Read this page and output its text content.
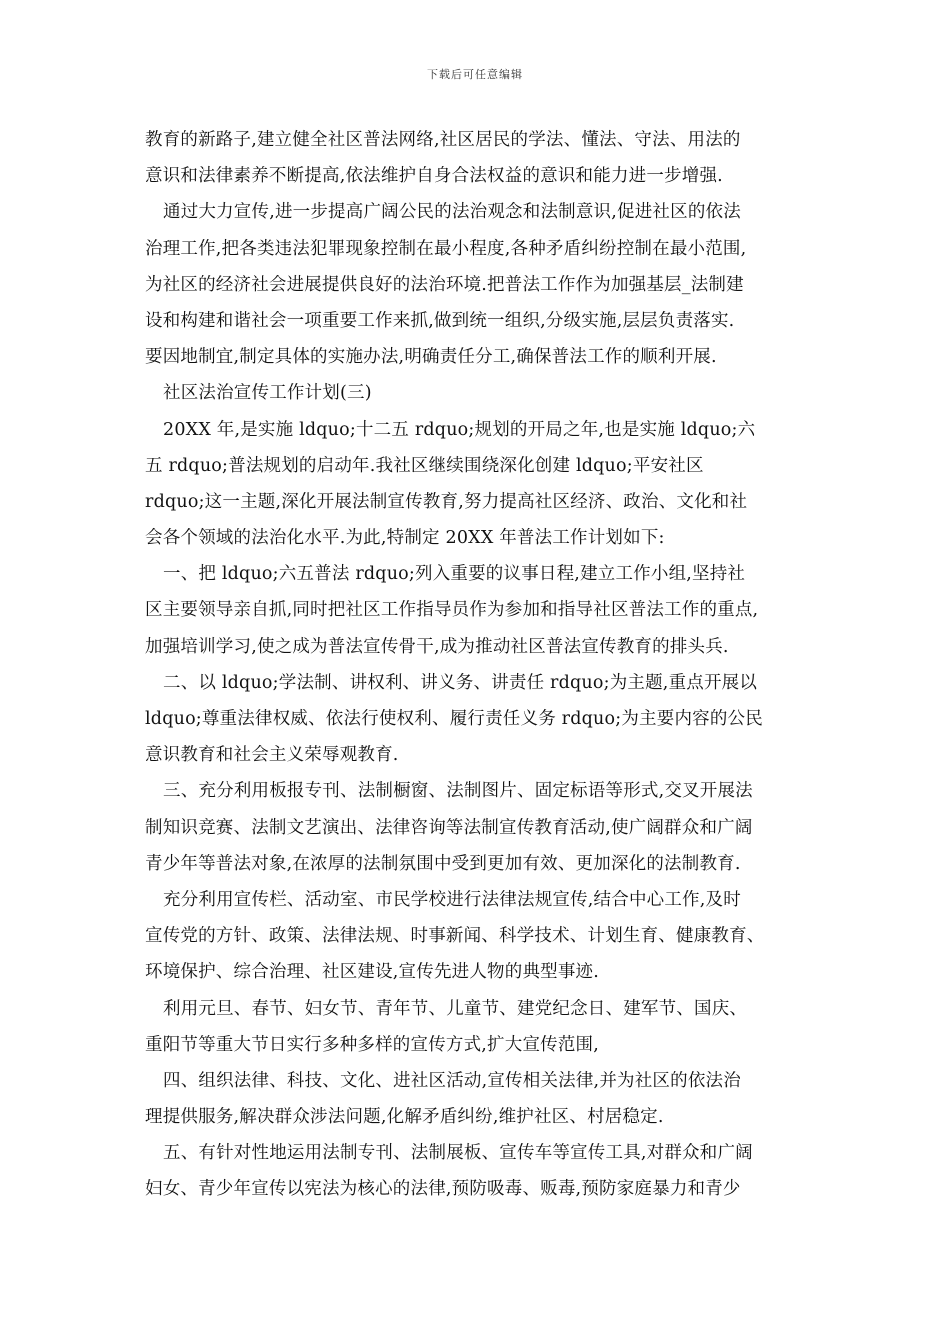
下载后可任意编辑
教育的新路子,建立健全社区普法网络,社区居民的学法、懂法、守法、用法的
意识和法律素养不断提高,依法维护自身合法权益的意识和能力进一步增强.
通过大力宣传,进一步提高广阔公民的法治观念和法制意识,促进社区的依法
治理工作,把各类违法犯罪现象控制在最小程度,各种矛盾纠纷控制在最小范围,
为社区的经济社会进展提供良好的法治环境.把普法工作作为加强基层_法制建
设和构建和谐社会一项重要工作来抓,做到统一组织,分级实施,层层负责落实.
要因地制宜,制定具体的实施办法,明确责任分工,确保普法工作的顺利开展.
社区法治宣传工作计划(三)
20XX 年,是实施 ldquo;十二五 rdquo;规划的开局之年,也是实施 ldquo;六
五 rdquo;普法规划的启动年.我社区继续围绕深化创建 ldquo;平安社区
rdquo;这一主题,深化开展法制宣传教育,努力提高社区经济、政治、文化和社
会各个领域的法治化水平.为此,特制定 20XX 年普法工作计划如下:
一、把 ldquo;六五普法 rdquo;列入重要的议事日程,建立工作小组,坚持社
区主要领导亲自抓,同时把社区工作指导员作为参加和指导社区普法工作的重点,
加强培训学习,使之成为普法宣传骨干,成为推动社区普法宣传教育的排头兵.
二、以 ldquo;学法制、讲权利、讲义务、讲责任 rdquo;为主题,重点开展以
ldquo;尊重法律权威、依法行使权利、履行责任义务 rdquo;为主要内容的公民
意识教育和社会主义荣辱观教育.
三、充分利用板报专刊、法制橱窗、法制图片、固定标语等形式,交叉开展法
制知识竞赛、法制文艺演出、法律咨询等法制宣传教育活动,使广阔群众和广阔
青少年等普法对象,在浓厚的法制氛围中受到更加有效、更加深化的法制教育.
充分利用宣传栏、活动室、市民学校进行法律法规宣传,结合中心工作,及时
宣传党的方针、政策、法律法规、时事新闻、科学技术、计划生育、健康教育、
环境保护、综合治理、社区建设,宣传先进人物的典型事迹.
利用元旦、春节、妇女节、青年节、儿童节、建党纪念日、建军节、国庆、
重阳节等重大节日实行多种多样的宣传方式,扩大宣传范围,
四、组织法律、科技、文化、进社区活动,宣传相关法律,并为社区的依法治
理提供服务,解决群众涉法问题,化解矛盾纠纷,维护社区、村居稳定.
五、有针对性地运用法制专刊、法制展板、宣传车等宣传工具,对群众和广阔
妇女、青少年宣传以宪法为核心的法律,预防吸毒、贩毒,预防家庭暴力和青少
